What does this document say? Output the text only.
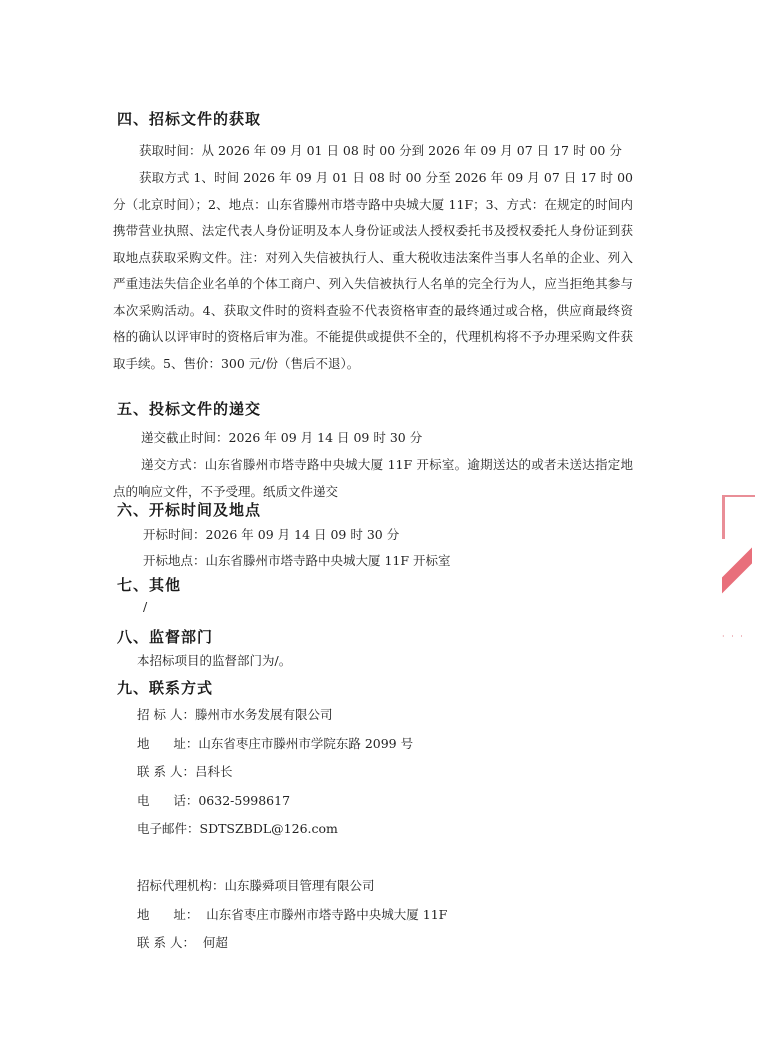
四、招标文件的获取
获取时间：从 2026 年 09 月 01 日 08 时 00 分到 2026 年 09 月 07 日 17 时 00 分
获取方式 1、时间 2026 年 09 月 01 日 08 时 00 分至 2026 年 09 月 07 日 17 时 00 分（北京时间）；2、地点：山东省滕州市塔寺路中央城大厦 11F；3、方式：在规定的时间内携带营业执照、法定代表人身份证明及本人身份证或法人授权委托书及授权委托人身份证到获取地点获取采购文件。注：对列入失信被执行人、重大税收违法案件当事人名单的企业、列入严重违法失信企业名单的个体工商户、列入失信被执行人名单的完全行为人，应当拒绝其参与本次采购活动。4、获取文件时的资料查验不代表资格审查的最终通过或合格，供应商最终资格的确认以评审时的资格后审为准。不能提供或提供不全的，代理机构将不予办理采购文件获取手续。5、售价：300 元/份（售后不退）。
五、投标文件的递交
递交截止时间：2026 年 09 月 14 日 09 时 30 分
递交方式：山东省滕州市塔寺路中央城大厦 11F 开标室。逾期送达的或者未送达指定地点的响应文件，不予受理。纸质文件递交
六、开标时间及地点
开标时间：2026 年 09 月 14 日 09 时 30 分
开标地点：山东省滕州市塔寺路中央城大厦 11F 开标室
七、其他
/
八、监督部门
本招标项目的监督部门为/。
九、联系方式
招 标 人：滕州市水务发展有限公司
地      址：山东省枣庄市滕州市学院东路 2099 号
联 系 人：吕科长
电      话：0632-5998617
电子邮件：SDTSZBDL@126.com
招标代理机构：山东滕舜项目管理有限公司
地      址：  山东省枣庄市滕州市塔寺路中央城大厦 11F
联 系 人：  何超
· · ·
